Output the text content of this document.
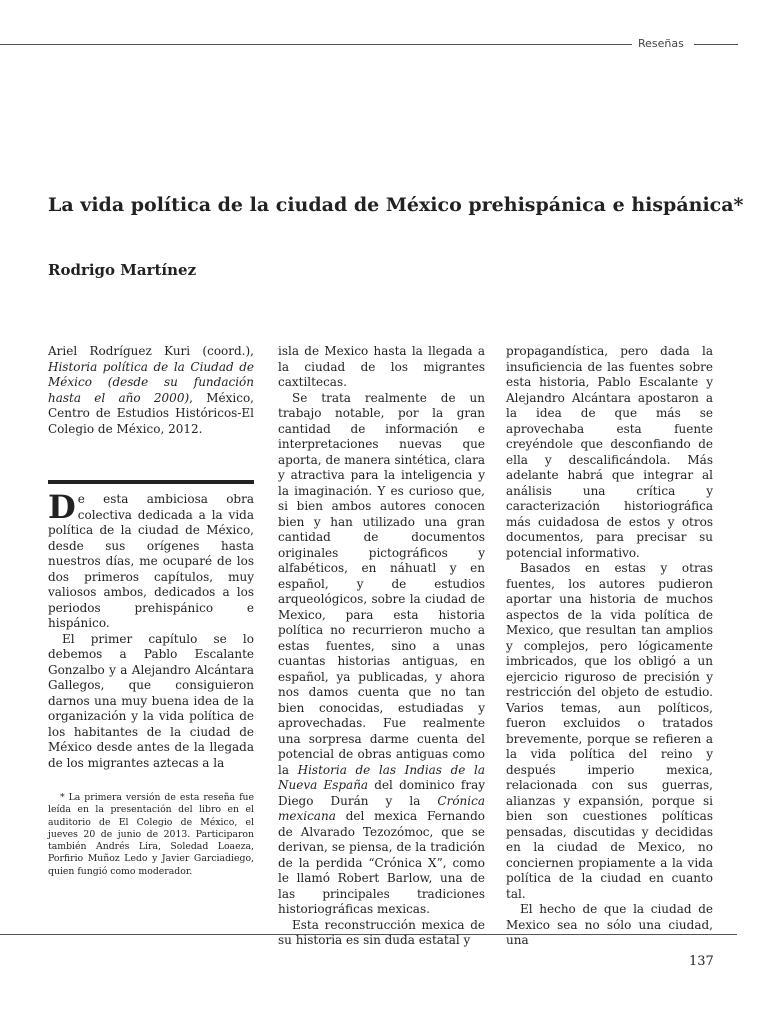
Reseñas
La vida política de la ciudad de México prehispánica e hispánica*
Rodrigo Martínez

Ariel Rodríguez Kuri (coord.), Historia política de la Ciudad de México (desde su fundación hasta el año 2000), México, Centro de Estudios Históricos-El Colegio de México, 2012.

De esta ambiciosa obra colectiva dedicada a la vida política de la ciudad de México, desde sus orígenes hasta nuestros días, me ocuparé de los dos primeros capítulos, muy valiosos ambos, dedicados a los periodos prehispánico e hispánico.

El primer capítulo se lo debemos a Pablo Escalante Gonzalbo y a Alejandro Alcántara Gallegos, que consiguieron darnos una muy buena idea de la organización y la vida política de los habitantes de la ciudad de México desde antes de la llegada de los migrantes aztecas a la

* La primera versión de esta reseña fue leída en la presentación del libro en el auditorio de El Colegio de México, el jueves 20 de junio de 2013. Participaron también Andrés Lira, Soledad Loaeza, Porfirio Muñoz Ledo y Javier Garciadiego, quien fungió como moderador.

isla de Mexico hasta la llegada a la ciudad de los migrantes caxtiltecas.

Se trata realmente de un trabajo notable, por la gran cantidad de información e interpretaciones nuevas que aporta, de manera sintética, clara y atractiva para la inteligencia y la imaginación. Y es curioso que, si bien ambos autores conocen bien y han utilizado una gran cantidad de documentos originales pictográficos y alfabéticos, en náhuatl y en español, y de estudios arqueológicos, sobre la ciudad de Mexico, para esta historia política no recurrieron mucho a estas fuentes, sino a unas cuantas historias antiguas, en español, ya publicadas, y ahora nos damos cuenta que no tan bien conocidas, estudiadas y aprovechadas. Fue realmente una sorpresa darme cuenta del potencial de obras antiguas como la Historia de las Indias de la Nueva España del dominico fray Diego Durán y la Crónica mexicana del mexica Fernando de Alvarado Tezozómoc, que se derivan, se piensa, de la tradición de la perdida “Crónica X”, como le llamó Robert Barlow, una de las principales tradiciones historiográficas mexicas.

Esta reconstrucción mexica de su historia es sin duda estatal y

propagandística, pero dada la insuficiencia de las fuentes sobre esta historia, Pablo Escalante y Alejandro Alcántara apostaron a la idea de que más se aprovechaba esta fuente creyéndole que desconfiando de ella y descalificándola. Más adelante habrá que integrar al análisis una crítica y caracterización historiográfica más cuidadosa de estos y otros documentos, para precisar su potencial informativo.

Basados en estas y otras fuentes, los autores pudieron aportar una historia de muchos aspectos de la vida política de Mexico, que resultan tan amplios y complejos, pero lógicamente imbricados, que los obligó a un ejercicio riguroso de precisión y restricción del objeto de estudio. Varios temas, aun políticos, fueron excluidos o tratados brevemente, porque se refieren a la vida política del reino y después imperio mexica, relacionada con sus guerras, alianzas y expansión, porque si bien son cuestiones políticas pensadas, discutidas y decididas en la ciudad de Mexico, no conciernen propiamente a la vida política de la ciudad en cuanto tal.

El hecho de que la ciudad de Mexico sea no sólo una ciudad, una

137
